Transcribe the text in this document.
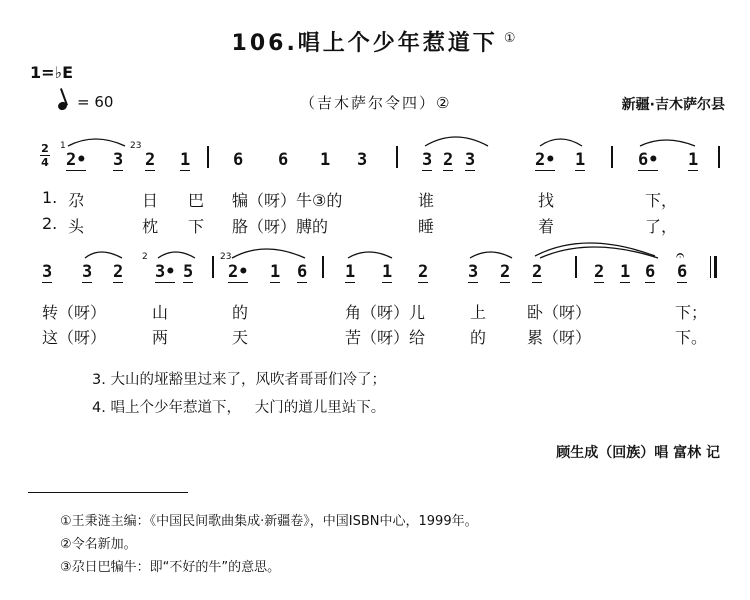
106.唱上个少年惹道下 ①
1=♭E
= 60	（吉木萨尔令四）②	新疆·吉木萨尔县
2
4
1	23
2• 3 2 1	6 6 1 3	3 2 3	2• 1	6• 1
1. 尕	日 巴 犏（呀）牛③的	谁	找	下，
2. 头	枕 下 胳（呀）膊的	睡	着	了，
2	23
3 3 2 3• 5 2• 1 6 1 1 2 3 2 2	2 1 6 6
𝄐
转（呀）	山	的	角（呀）儿	上	卧（呀）	下；
这（呀）	两	天	苦（呀）给	的	累（呀）	下。
3. 大山的垭豁里过来了，风吹者哥哥们冷了；
4. 唱上个少年惹道下，   大门的道儿里站下。
顾生成（回族）唱 富林 记
①王秉涟主编：《中国民间歌曲集成·新疆卷》，中国ISBN中心，1999年。
②令名新加。
③尕日巴犏牛：即“不好的牛”的意思。
